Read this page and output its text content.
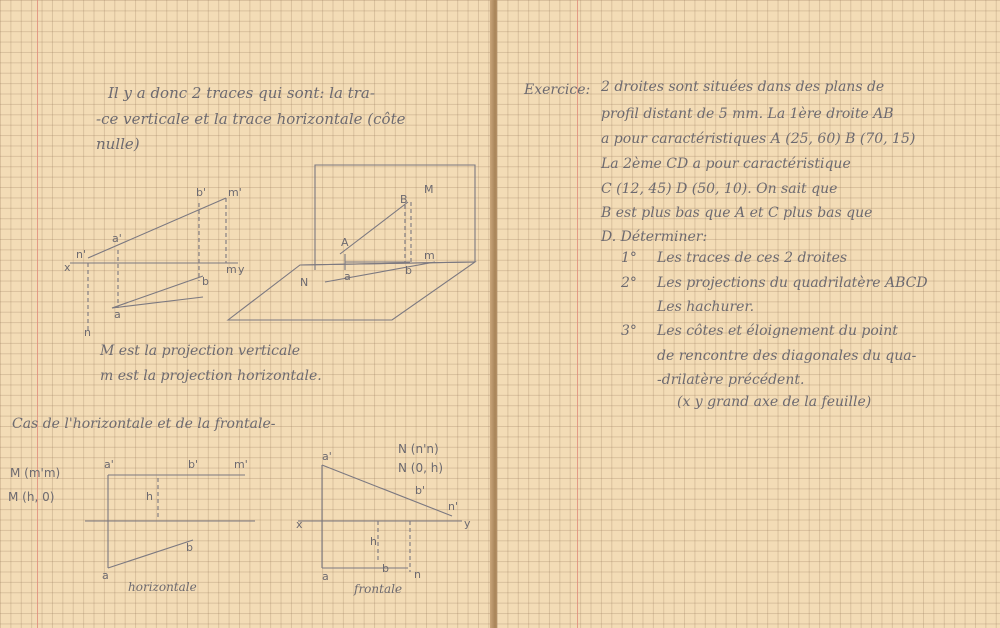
Il y a donc 2 traces qui sont: la tra-
-ce verticale et la trace horizontale (côte
nulle)
a'
b' m'
n'
x	y
m
a
b
n
B
M
A
a	b
m
N
M est la projection verticale
m est la projection horizontale.
Cas de l'horizontale et de la frontale-
M (m'm)
M (h, 0)
N (n'n)
N (0, h)
a'	b'	m'
h
b
a
horizontale
a'
b'
n'
x	y
h
a
b n
frontale
Exercice: 2 droites sont situées dans des plans de
profil distant de 5 mm. La 1ère droite AB
a pour caractéristiques A (25, 60) B (70, 15)
La 2ème CD a pour caractéristique
C (12, 45) D (50, 10). On sait que
B est plus bas que A et C plus bas que
D. Déterminer:
1° Les traces de ces 2 droites
2° Les projections du quadrilatère ABCD
Les hachurer.
3° Les côtes et éloignement du point
de rencontre des diagonales du qua-
-drilatère précédent.
(x y grand axe de la feuille)
